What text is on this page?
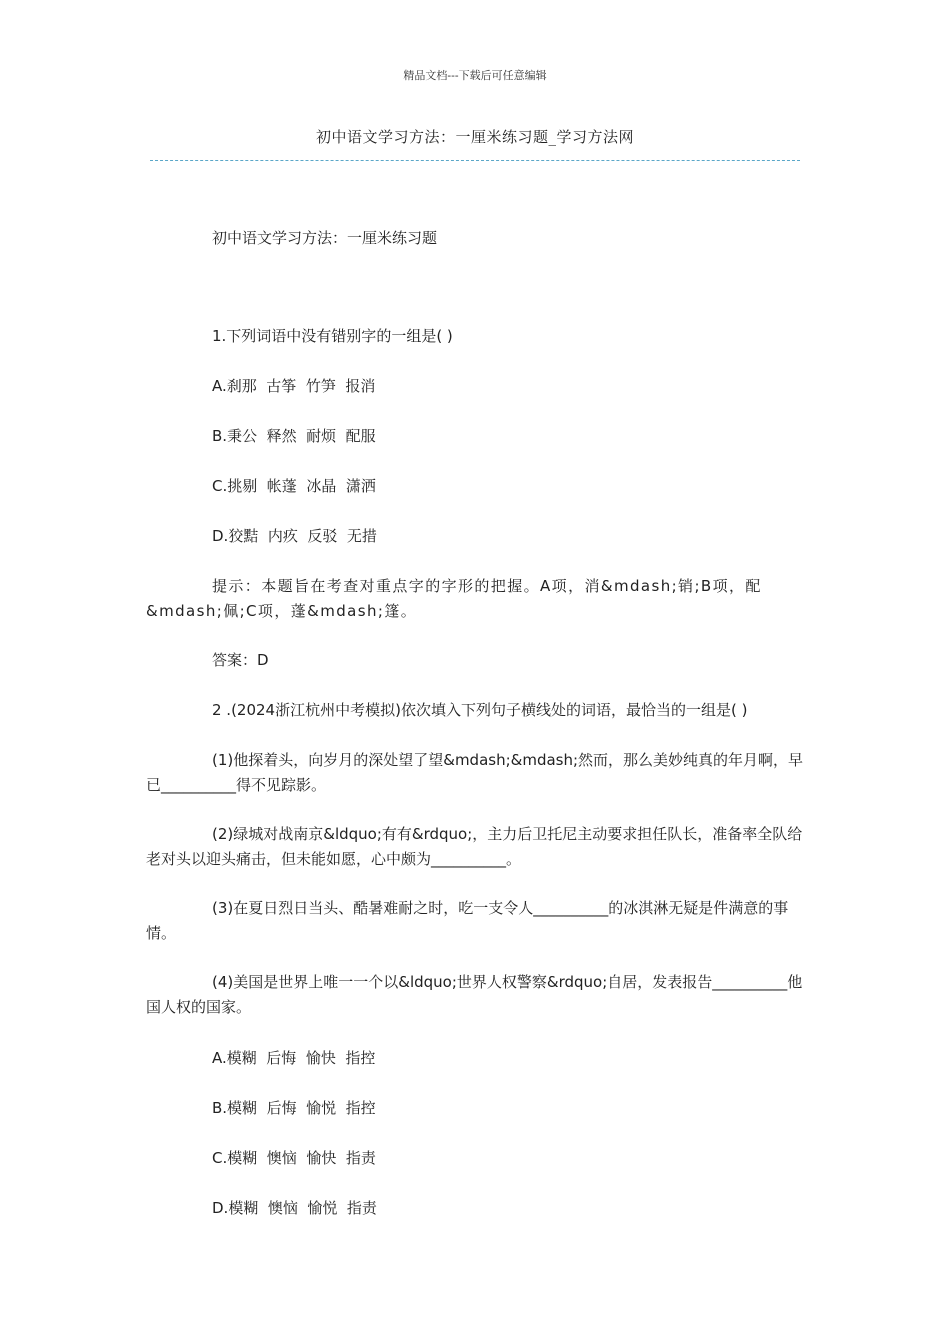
精品文档---下载后可任意编辑
初中语文学习方法：一厘米练习题_学习方法网

初中语文学习方法：一厘米练习题

1.下列词语中没有错别字的一组是( )

A.刹那  古筝  竹笋  报消

B.秉公  释然  耐烦  配服

C.挑剔  帐蓬  冰晶  潇洒

D.狡黠  内疚  反驳  无措

提示：本题旨在考查对重点字的字形的把握。A项，消&mdash;销;B项，配&mdash;佩;C项，蓬&mdash;篷。

答案：D

2 .(2024浙江杭州中考模拟)依次填入下列句子横线处的词语，最恰当的一组是( )

(1)他探着头，向岁月的深处望了望&mdash;&mdash;然而，那么美妙纯真的年月啊，早已__________得不见踪影。

(2)绿城对战南京&ldquo;有有&rdquo;，主力后卫托尼主动要求担任队长，准备率全队给老对头以迎头痛击，但未能如愿，心中颇为__________。

(3)在夏日烈日当头、酷暑难耐之时，吃一支令人__________的冰淇淋无疑是件满意的事情。

(4)美国是世界上唯一一个以&ldquo;世界人权警察&rdquo;自居，发表报告__________他国人权的国家。

A.模糊  后悔  愉快  指控

B.模糊  后悔  愉悦  指控

C.模糊  懊恼  愉快  指责

D.模糊  懊恼  愉悦  指责
